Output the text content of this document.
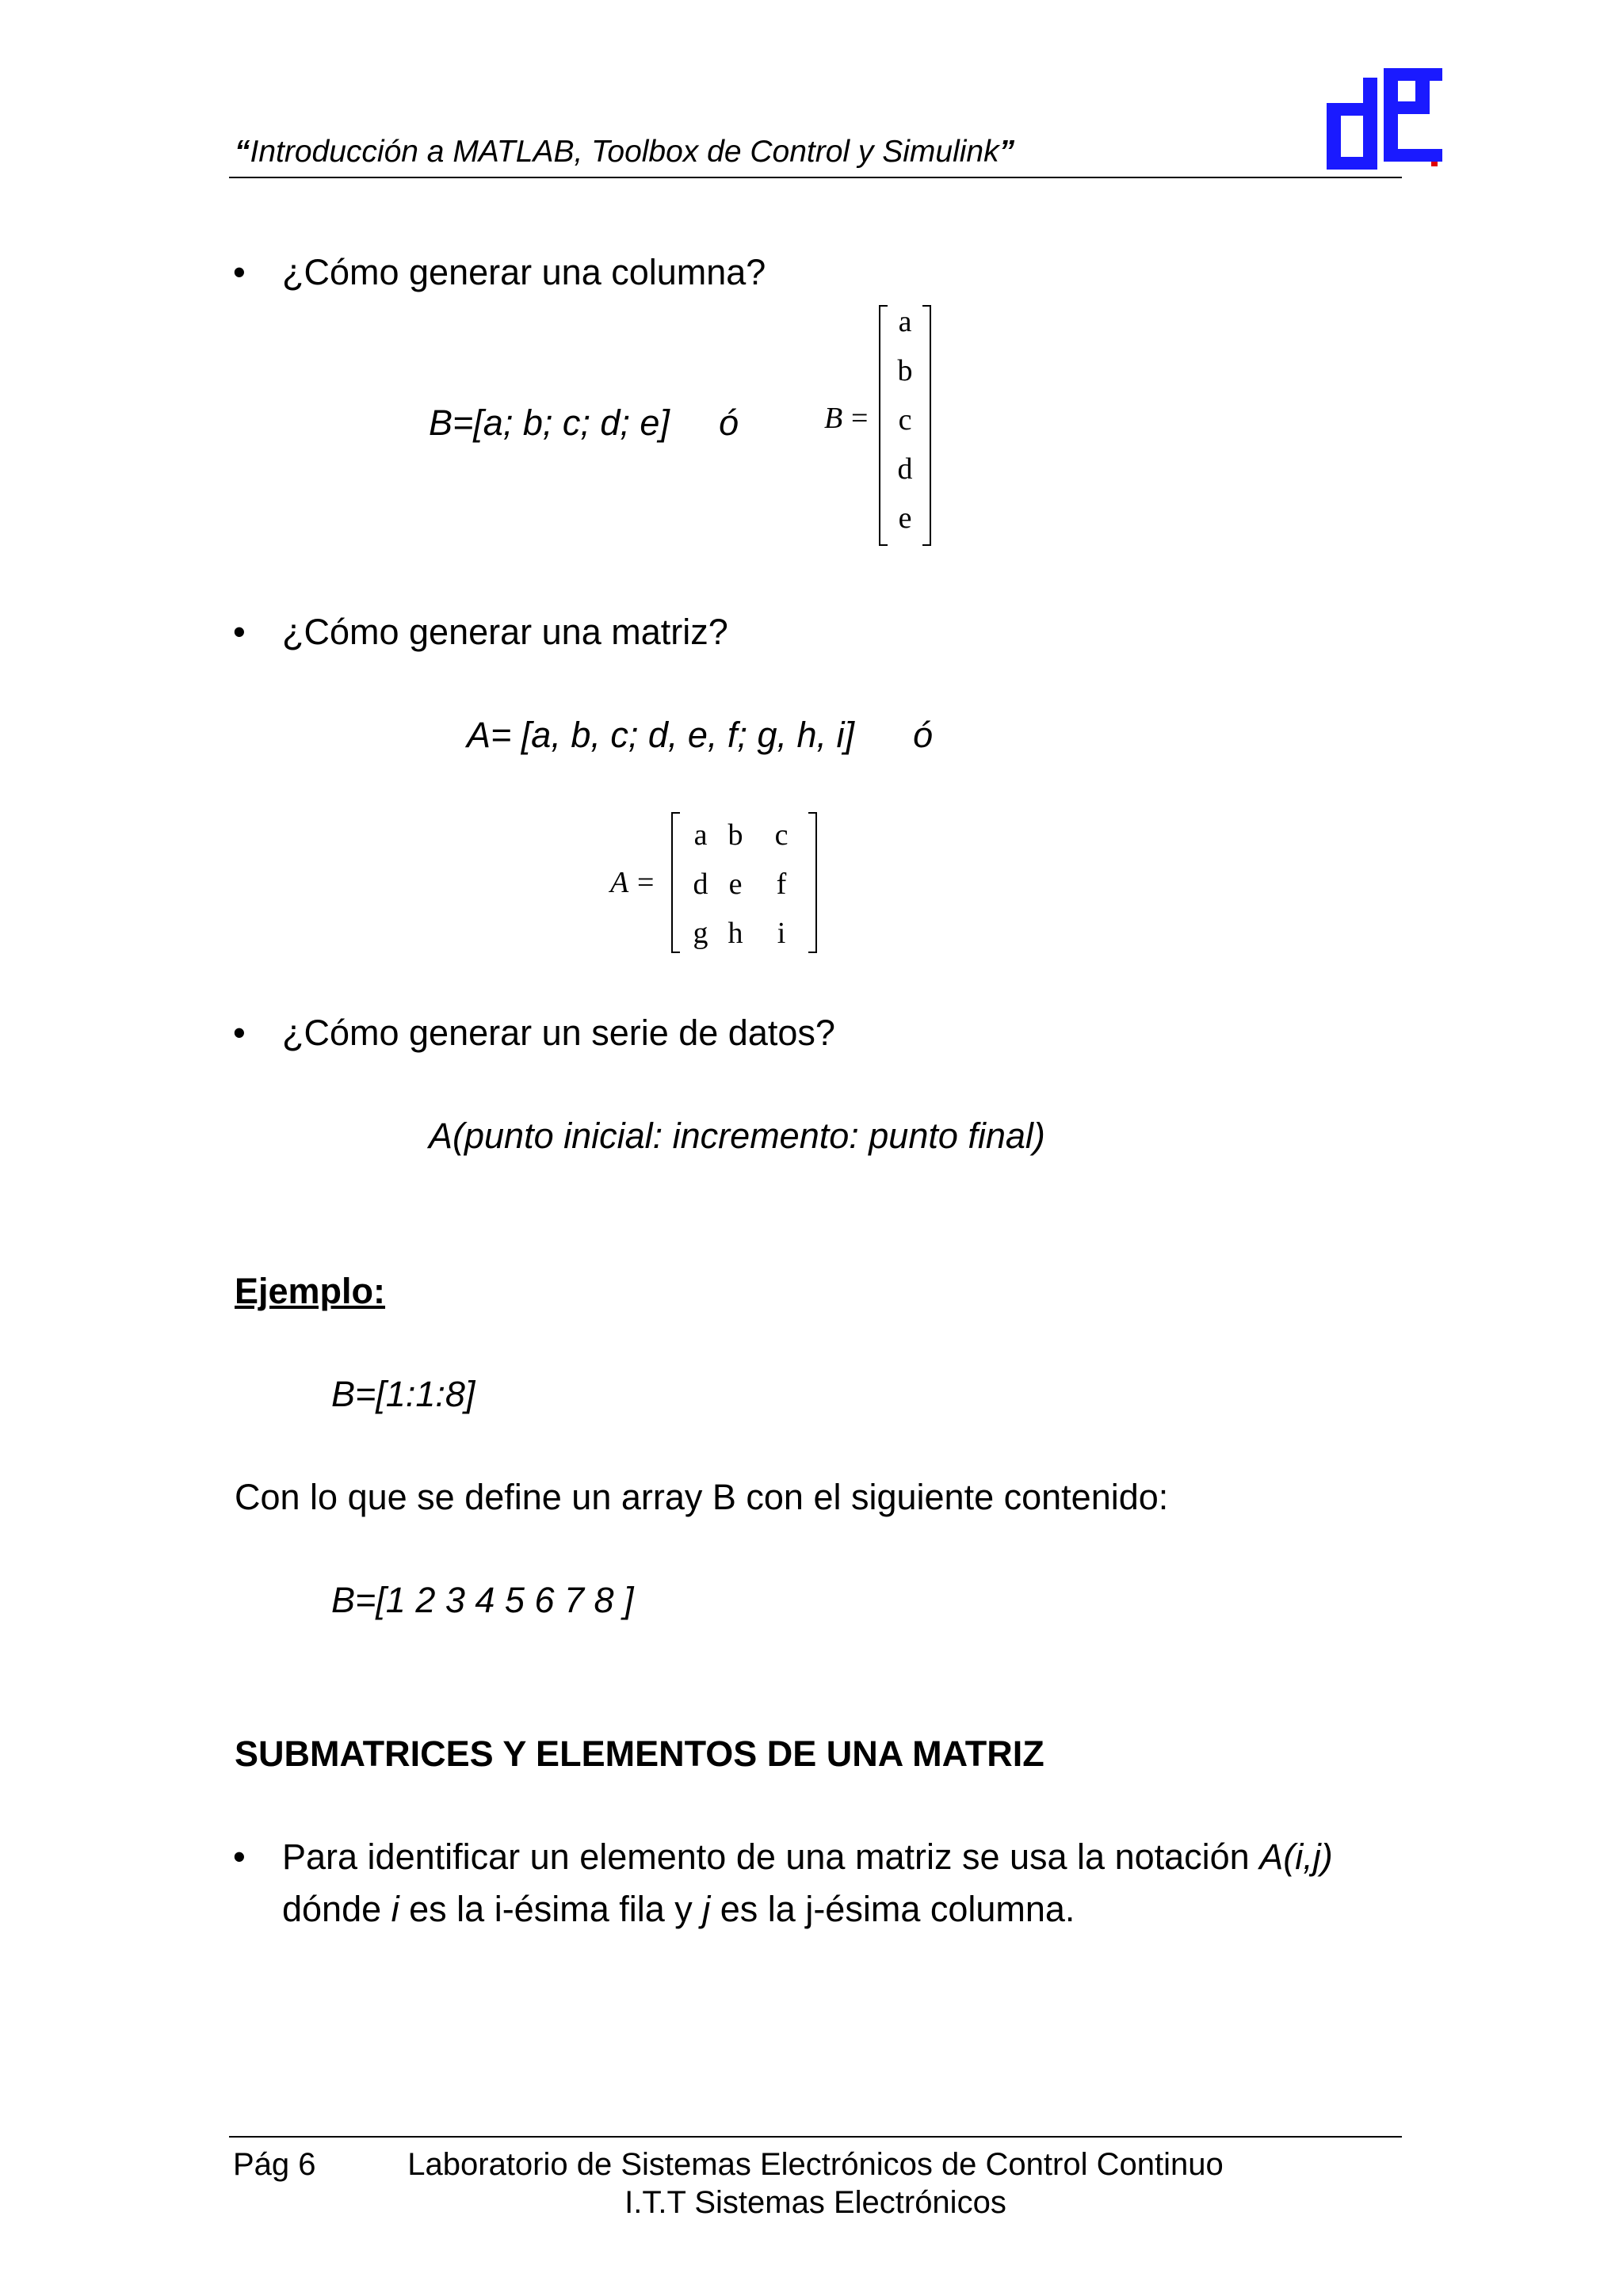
“Introducción a MATLAB, Toolbox de Control y Simulink”
• ¿Cómo generar una columna?
B=[a; b; c; d; e] ó	B =
a
b
c
d
e
• ¿Cómo generar una matriz?
A= [a, b, c; d, e, f; g, h, i] ó
A =
a b c
d e f
g h i
• ¿Cómo generar un serie de datos?
A(punto inicial: incremento: punto final)
Ejemplo:
B=[1:1:8]
Con lo que se define un array B con el siguiente contenido:
B=[1 2 3 4 5 6 7 8 ]
SUBMATRICES Y ELEMENTOS DE UNA MATRIZ
• Para identificar un elemento de una matriz se usa la notación A(i,j)
dónde i es la i-ésima fila y j es la j-ésima columna.
Pág 6	Laboratorio de Sistemas Electrónicos de Control Continuo
I.T.T Sistemas Electrónicos
